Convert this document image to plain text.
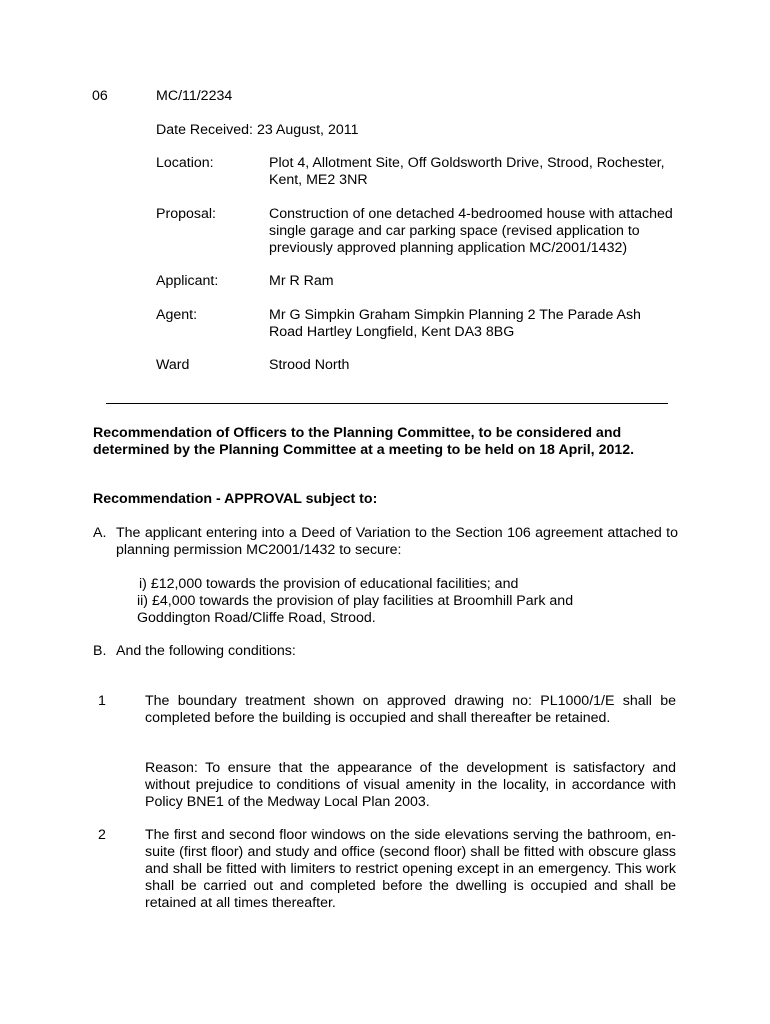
06	MC/11/2234
Date Received: 23 August, 2011
Location:	Plot 4, Allotment Site, Off Goldsworth Drive, Strood, Rochester,
Kent, ME2 3NR
Proposal:	Construction of one detached 4-bedroomed house with attached
single garage and car parking space (revised application to
previously approved planning application MC/2001/1432)
Applicant:	Mr R Ram
Agent:	Mr G Simpkin Graham Simpkin Planning 2 The Parade Ash
Road Hartley Longfield, Kent DA3 8BG
Ward	Strood North
Recommendation of Officers to the Planning Committee, to be considered and determined by the Planning Committee at a meeting to be held on 18 April, 2012.
Recommendation - APPROVAL subject to:
A. The applicant entering into a Deed of Variation to the Section 106 agreement attached to planning permission MC2001/1432 to secure:
i) £12,000 towards the provision of educational facilities; and
ii) £4,000 towards the provision of play facilities at Broomhill Park and
Goddington Road/Cliffe Road, Strood.
B. And the following conditions:
1	The boundary treatment shown on approved drawing no: PL1000/1/E shall be completed before the building is occupied and shall thereafter be retained.
Reason: To ensure that the appearance of the development is satisfactory and without prejudice to conditions of visual amenity in the locality, in accordance with Policy BNE1 of the Medway Local Plan 2003.
2	The first and second floor windows on the side elevations serving the bathroom, en-suite (first floor) and study and office (second floor) shall be fitted with obscure glass and shall be fitted with limiters to restrict opening except in an emergency. This work shall be carried out and completed before the dwelling is occupied and shall be retained at all times thereafter.
